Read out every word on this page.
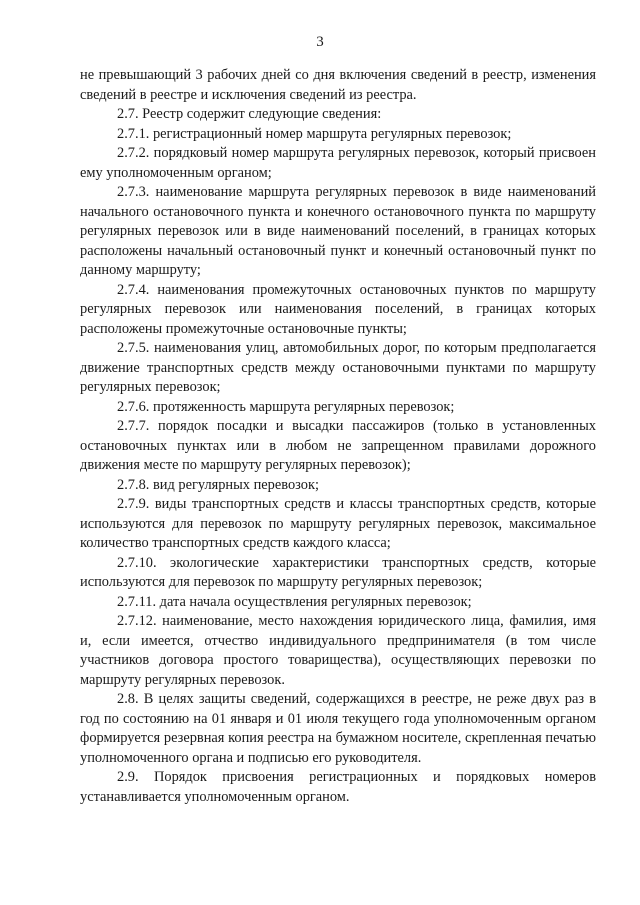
3

не превышающий 3 рабочих дней со дня включения сведений в реестр, изменения сведений в реестре и исключения сведений из реестра.

2.7. Реестр содержит следующие сведения:

2.7.1. регистрационный номер маршрута регулярных перевозок;

2.7.2. порядковый номер маршрута регулярных перевозок, который присвоен ему уполномоченным органом;

2.7.3. наименование маршрута регулярных перевозок в виде наименований начального остановочного пункта и конечного остановочного пункта по маршруту регулярных перевозок или в виде наименований поселений, в границах которых расположены начальный остановочный пункт и конечный остановочный пункт по данному маршруту;

2.7.4. наименования промежуточных остановочных пунктов по маршруту регулярных перевозок или наименования поселений, в границах которых расположены промежуточные остановочные пункты;

2.7.5. наименования улиц, автомобильных дорог, по которым предполагается движение транспортных средств между остановочными пунктами по маршруту регулярных перевозок;

2.7.6. протяженность маршрута регулярных перевозок;

2.7.7. порядок посадки и высадки пассажиров (только в установленных остановочных пунктах или в любом не запрещенном правилами дорожного движения месте по маршруту регулярных перевозок);

2.7.8. вид регулярных перевозок;

2.7.9. виды транспортных средств и классы транспортных средств, которые используются для перевозок по маршруту регулярных перевозок, максимальное количество транспортных средств каждого класса;

2.7.10. экологические характеристики транспортных средств, которые используются для перевозок по маршруту регулярных перевозок;

2.7.11. дата начала осуществления регулярных перевозок;

2.7.12. наименование, место нахождения юридического лица, фамилия, имя и, если имеется, отчество индивидуального предпринимателя (в том числе участников договора простого товарищества), осуществляющих перевозки по маршруту регулярных перевозок.

2.8. В целях защиты сведений, содержащихся в реестре, не реже двух раз в год по состоянию на 01 января и 01 июля текущего года уполномоченным органом формируется резервная копия реестра на бумажном носителе, скрепленная печатью уполномоченного органа и подписью его руководителя.

2.9. Порядок присвоения регистрационных и порядковых номеров устанавливается уполномоченным органом.
